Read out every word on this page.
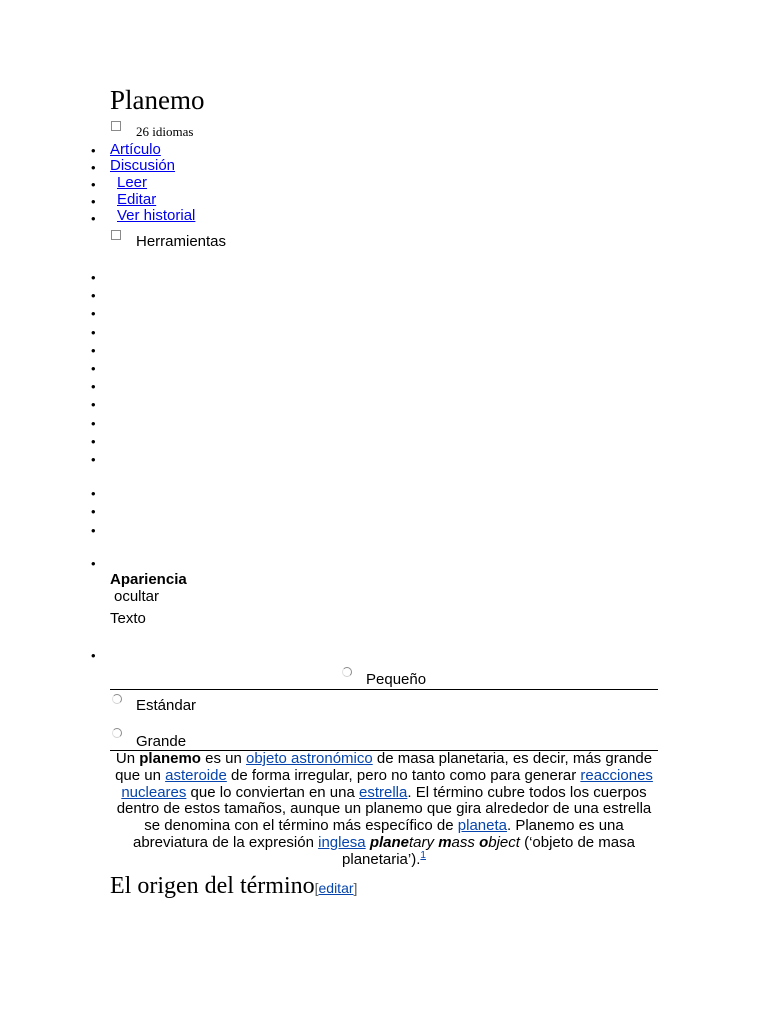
Planemo
26 idiomas
• Artículo
• Discusión
• Leer
• Editar
• Ver historial
Herramientas
•
•
•
•
•
•
•
•
•
•
•
•
•
•
•
Apariencia
ocultar
Texto
•
Pequeño
Estándar
Grande
Un planemo es un objeto astronómico de masa planetaria, es decir, más grande que un asteroide de forma irregular, pero no tanto como para generar reacciones nucleares que lo conviertan en una estrella. El término cubre todos los cuerpos dentro de estos tamaños, aunque un planemo que gira alrededor de una estrella se denomina con el término más específico de planeta. Planemo es una abreviatura de la expresión inglesa planetary mass object (‘objeto de masa planetaria’).$^1$
El origen del término[editar]
